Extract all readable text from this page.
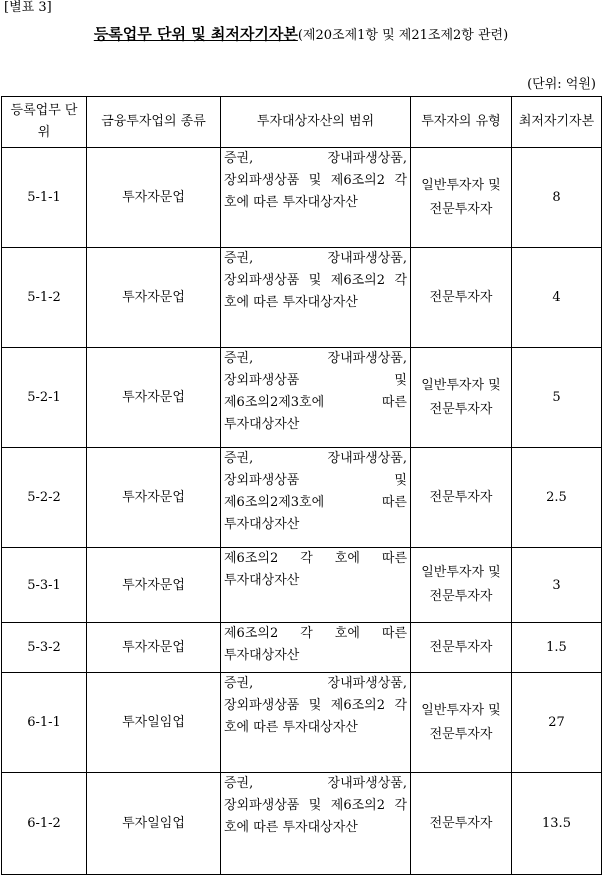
[별표 3]
등록업무 단위 및 최저자기자본(제20조제1항 및 제21조제2항 관련)
(단위: 억원)
등록업무 단위	금융투자업의 종류	투자대상자산의 범위	투자자의 유형	최저자기자본
5-1-1	투자자문업	증권, 장내파생상품, 장외파생상품 및 제6조의2 각 호에 따른 투자대상자산	일반투자자 및 전문투자자	8
5-1-2	투자자문업	증권, 장내파생상품, 장외파생상품 및 제6조의2 각 호에 따른 투자대상자산	전문투자자	4
5-2-1	투자자문업	증권, 장내파생상품, 장외파생상품 및 제6조의2제3호에 따른 투자대상자산	일반투자자 및 전문투자자	5
5-2-2	투자자문업	증권, 장내파생상품, 장외파생상품 및 제6조의2제3호에 따른 투자대상자산	전문투자자	2.5
5-3-1	투자자문업	제6조의2 각 호에 따른 투자대상자산	일반투자자 및 전문투자자	3
5-3-2	투자자문업	제6조의2 각 호에 따른 투자대상자산	전문투자자	1.5
6-1-1	투자일임업	증권, 장내파생상품, 장외파생상품 및 제6조의2 각 호에 따른 투자대상자산	일반투자자 및 전문투자자	27
6-1-2	투자일임업	증권, 장내파생상품, 장외파생상품 및 제6조의2 각 호에 따른 투자대상자산	전문투자자	13.5
